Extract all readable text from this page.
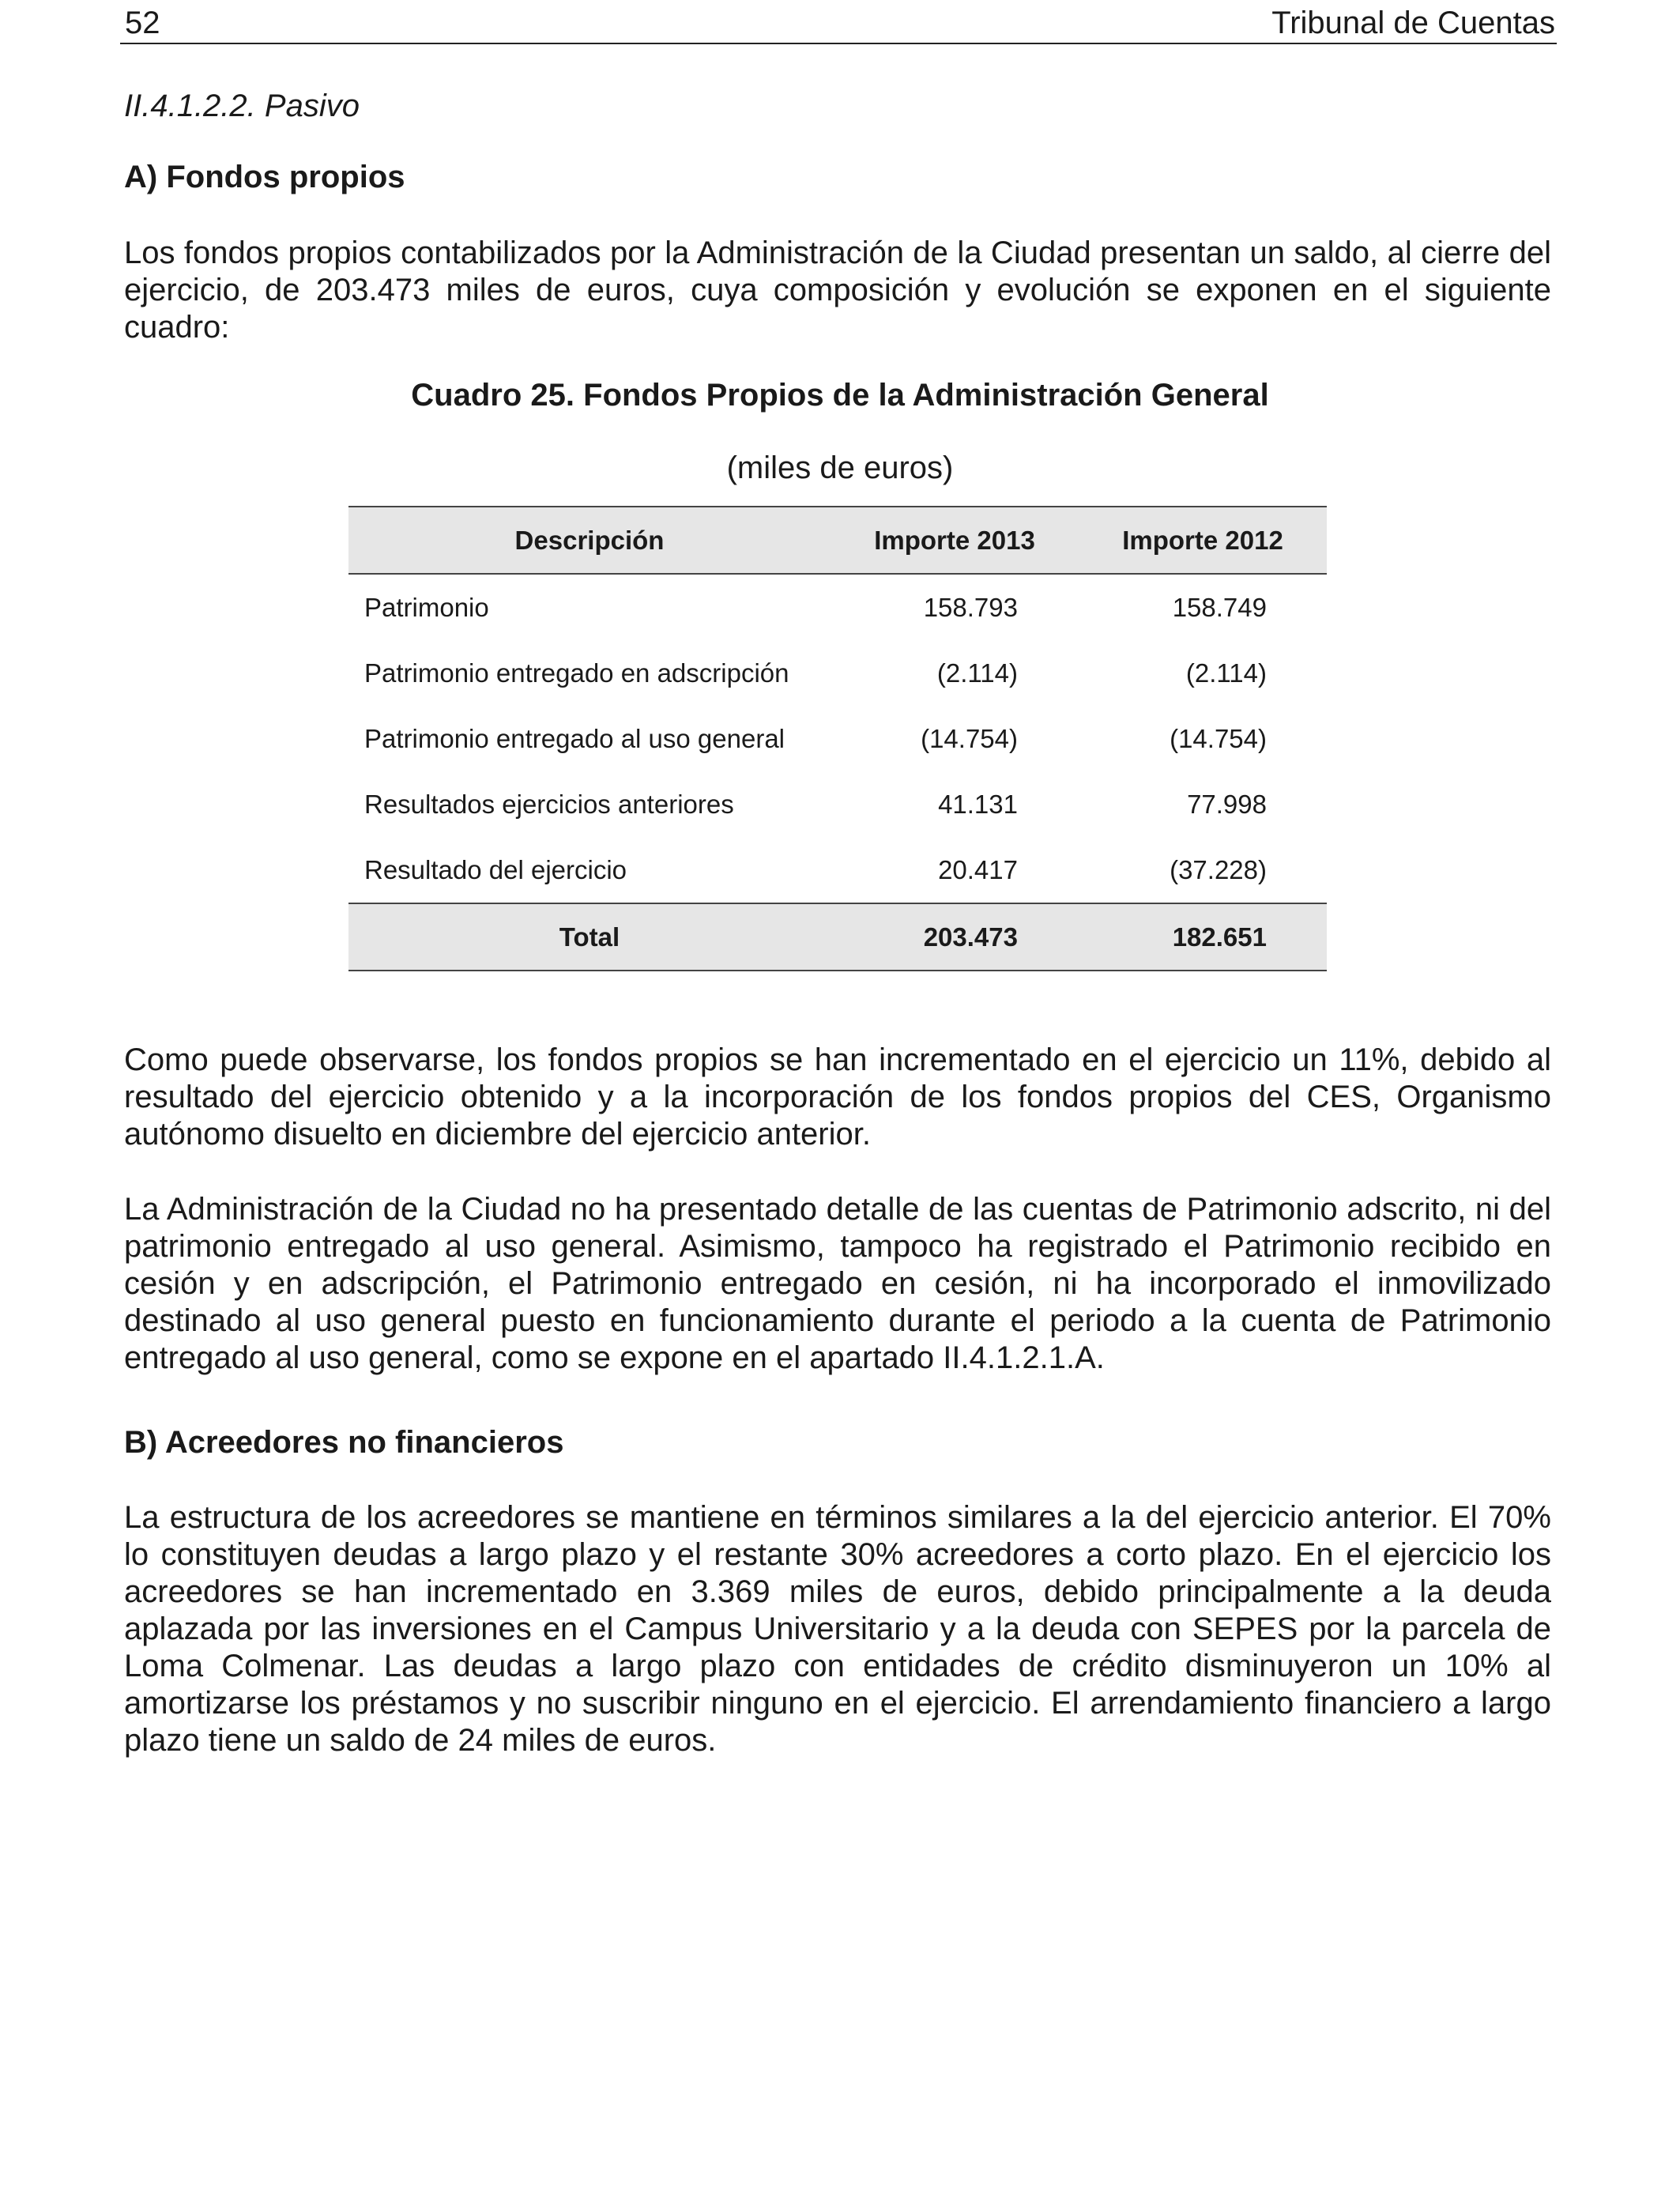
52	Tribunal de Cuentas
II.4.1.2.2. Pasivo
A) Fondos propios

Los fondos propios contabilizados por la Administración de la Ciudad presentan un saldo, al cierre del ejercicio, de 203.473 miles de euros, cuya composición y evolución se exponen en el siguiente cuadro:

Cuadro 25. Fondos Propios de la Administración General

(miles de euros)

Descripción	Importe 2013	Importe 2012
Patrimonio	158.793	158.749
Patrimonio entregado en adscripción	(2.114)	(2.114)
Patrimonio entregado al uso general	(14.754)	(14.754)
Resultados ejercicios anteriores	41.131	77.998
Resultado del ejercicio	20.417	(37.228)
Total	203.473	182.651

Como puede observarse, los fondos propios se han incrementado en el ejercicio un 11%, debido al resultado del ejercicio obtenido y a la incorporación de los fondos propios del CES, Organismo autónomo disuelto en diciembre del ejercicio anterior.

La Administración de la Ciudad no ha presentado detalle de las cuentas de Patrimonio adscrito, ni del patrimonio entregado al uso general. Asimismo, tampoco ha registrado el Patrimonio recibido en cesión y en adscripción, el Patrimonio entregado en cesión, ni ha incorporado el inmovilizado destinado al uso general puesto en funcionamiento durante el periodo a la cuenta de Patrimonio entregado al uso general, como se expone en el apartado II.4.1.2.1.A.

B) Acreedores no financieros

La estructura de los acreedores se mantiene en términos similares a la del ejercicio anterior. El 70% lo constituyen deudas a largo plazo y el restante 30% acreedores a corto plazo. En el ejercicio los acreedores se han incrementado en 3.369 miles de euros, debido principalmente a la deuda aplazada por las inversiones en el Campus Universitario y a la deuda con SEPES por la parcela de Loma Colmenar. Las deudas a largo plazo con entidades de crédito disminuyeron un 10% al amortizarse los préstamos y no suscribir ninguno en el ejercicio. El arrendamiento financiero a largo plazo tiene un saldo de 24 miles de euros.
